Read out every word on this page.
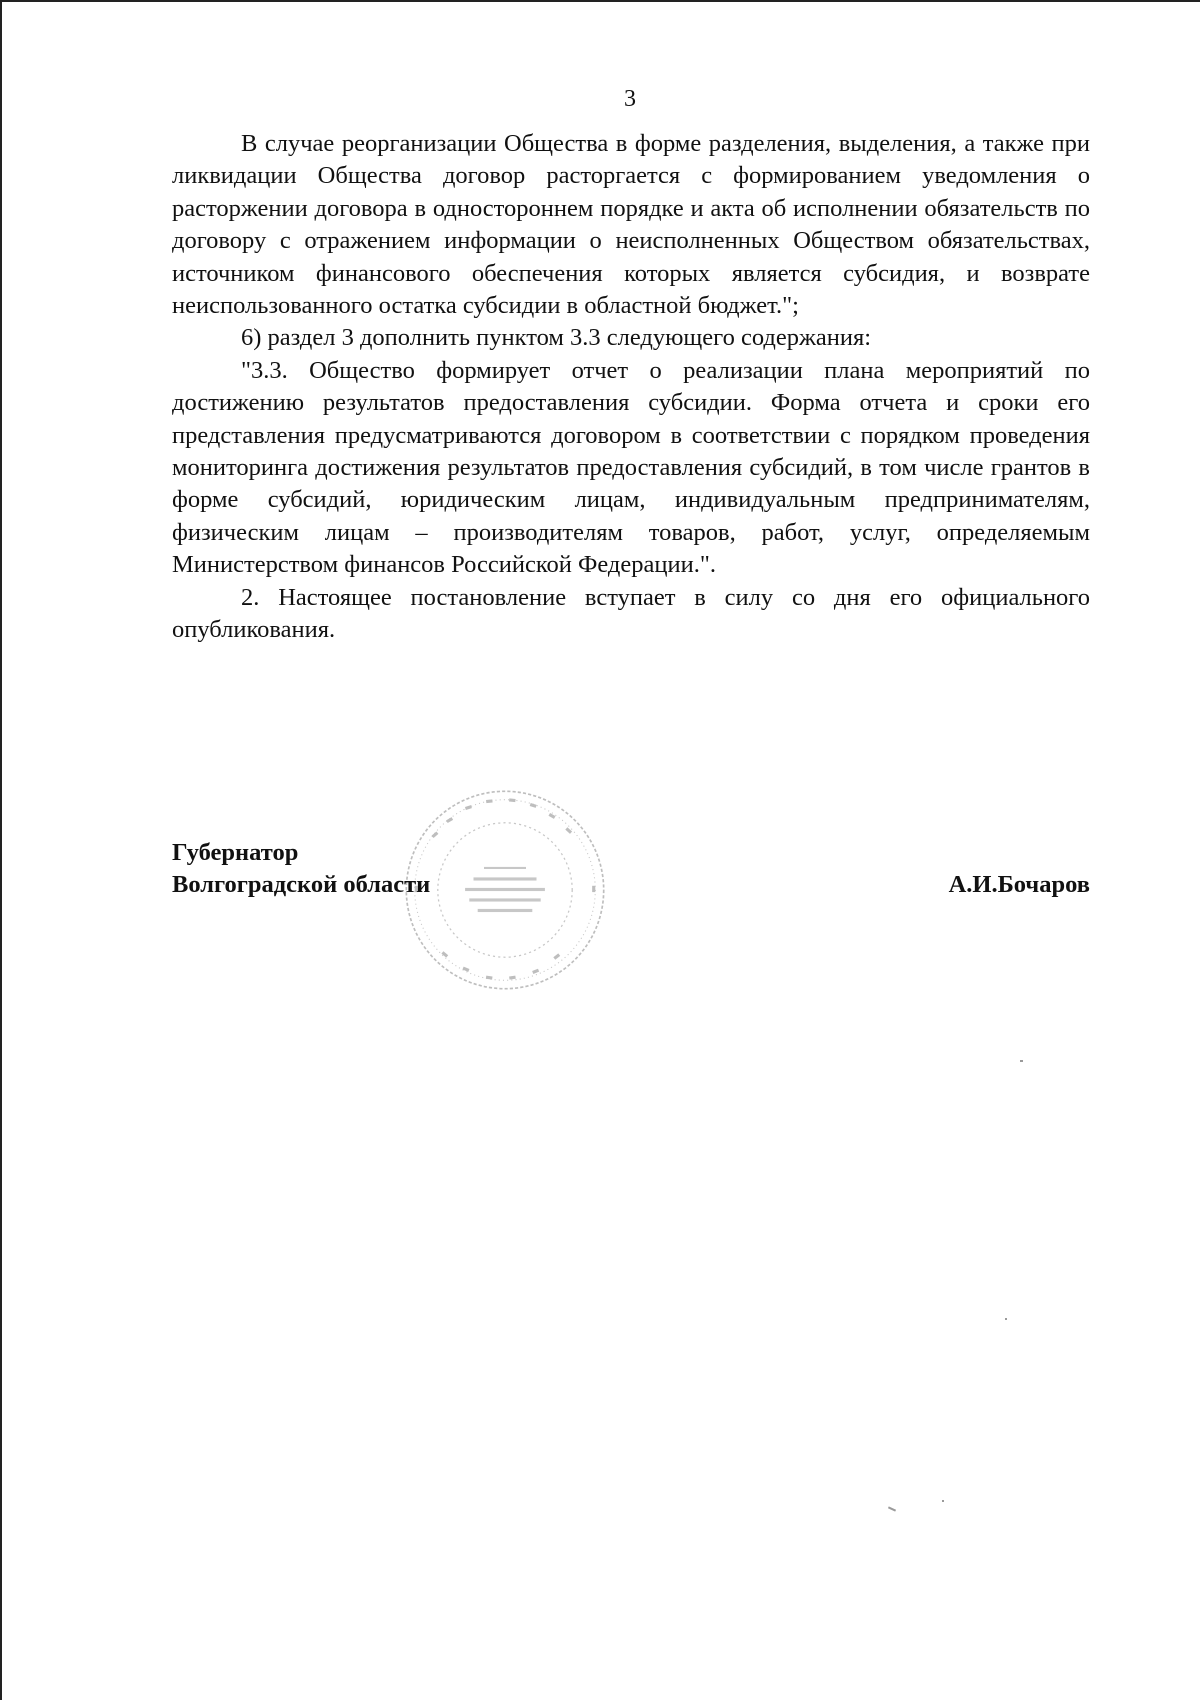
3

В случае реорганизации Общества в форме разделения, выделения, а также при ликвидации Общества договор расторгается с формированием уведомления о расторжении договора в одностороннем порядке и акта об исполнении обязательств по договору с отражением информации о неисполненных Обществом обязательствах, источником финансового обеспечения которых является субсидия, и возврате неиспользованного остатка субсидии в областной бюджет.";

6) раздел 3 дополнить пунктом 3.3 следующего содержания:

"3.3. Общество формирует отчет о реализации плана мероприятий по достижению результатов предоставления субсидии. Форма отчета и сроки его представления предусматриваются договором в соответствии с порядком проведения мониторинга достижения результатов предоставления субсидий, в том числе грантов в форме субсидий, юридическим лицам, индивидуальным предпринимателям, физическим лицам – производителям товаров, работ, услуг, определяемым Министерством финансов Российской Федерации.".

2. Настоящее постановление вступает в силу со дня его официального опубликования.

Губернатор
Волгоградской области	А.И.Бочаров
